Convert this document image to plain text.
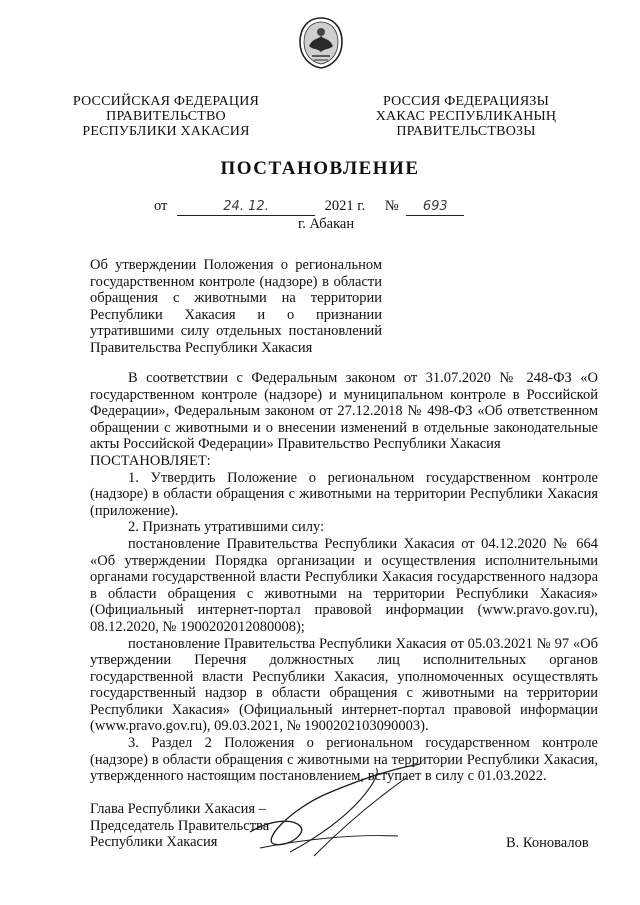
РОССИЙСКАЯ ФЕДЕРАЦИЯ
ПРАВИТЕЛЬСТВО
РЕСПУБЛИКИ ХАКАСИЯ
РОССИЯ ФЕДЕРАЦИЯЗЫ
ХАКАС РЕСПУБЛИКАНЫҢ
ПРАВИТЕЛЬСТВОЗЫ
ПОСТАНОВЛЕНИЕ
от	24. 12.	2021 г. № 693
г. Абакан
Об утверждении Положения о региональном
государственном контроле (надзоре) в области
обращения с животными на территории
Республики Хакасия и о признании
утратившими силу отдельных постановлений
Правительства Республики Хакасия

В соответствии с Федеральным законом от 31.07.2020 № 248-ФЗ «О государственном контроле (надзоре) и муниципальном контроле в Российской Федерации», Федеральным законом от 27.12.2018 № 498-ФЗ «Об ответственном обращении с животными и о внесении изменений в отдельные законодательные акты Российской Федерации» Правительство Республики Хакасия

ПОСТАНОВЛЯЕТ:

1. Утвердить Положение о региональном государственном контроле (надзоре) в области обращения с животными на территории Республики Хакасия (приложение).

2. Признать утратившими силу:

постановление Правительства Республики Хакасия от 04.12.2020 № 664 «Об утверждении Порядка организации и осуществления исполнительными органами государственной власти Республики Хакасия государственного надзора в области обращения с животными на территории Республики Хакасия» (Официальный интернет-портал правовой информации (www.pravo.gov.ru), 08.12.2020, № 1900202012080008);

постановление Правительства Республики Хакасия от 05.03.2021 № 97 «Об утверждении Перечня должностных лиц исполнительных органов государственной власти Республики Хакасия, уполномоченных осуществлять государственный надзор в области обращения с животными на территории Республики Хакасия» (Официальный интернет-портал правовой информации (www.pravo.gov.ru), 09.03.2021, № 1900202103090003).

3. Раздел 2 Положения о региональном государственном контроле (надзоре) в области обращения с животными на территории Республики Хакасия, утвержденного настоящим постановлением, вступает в силу с 01.03.2022.

Глава Республики Хакасия –
Председатель Правительства
Республики Хакасия	В. Коновалов
